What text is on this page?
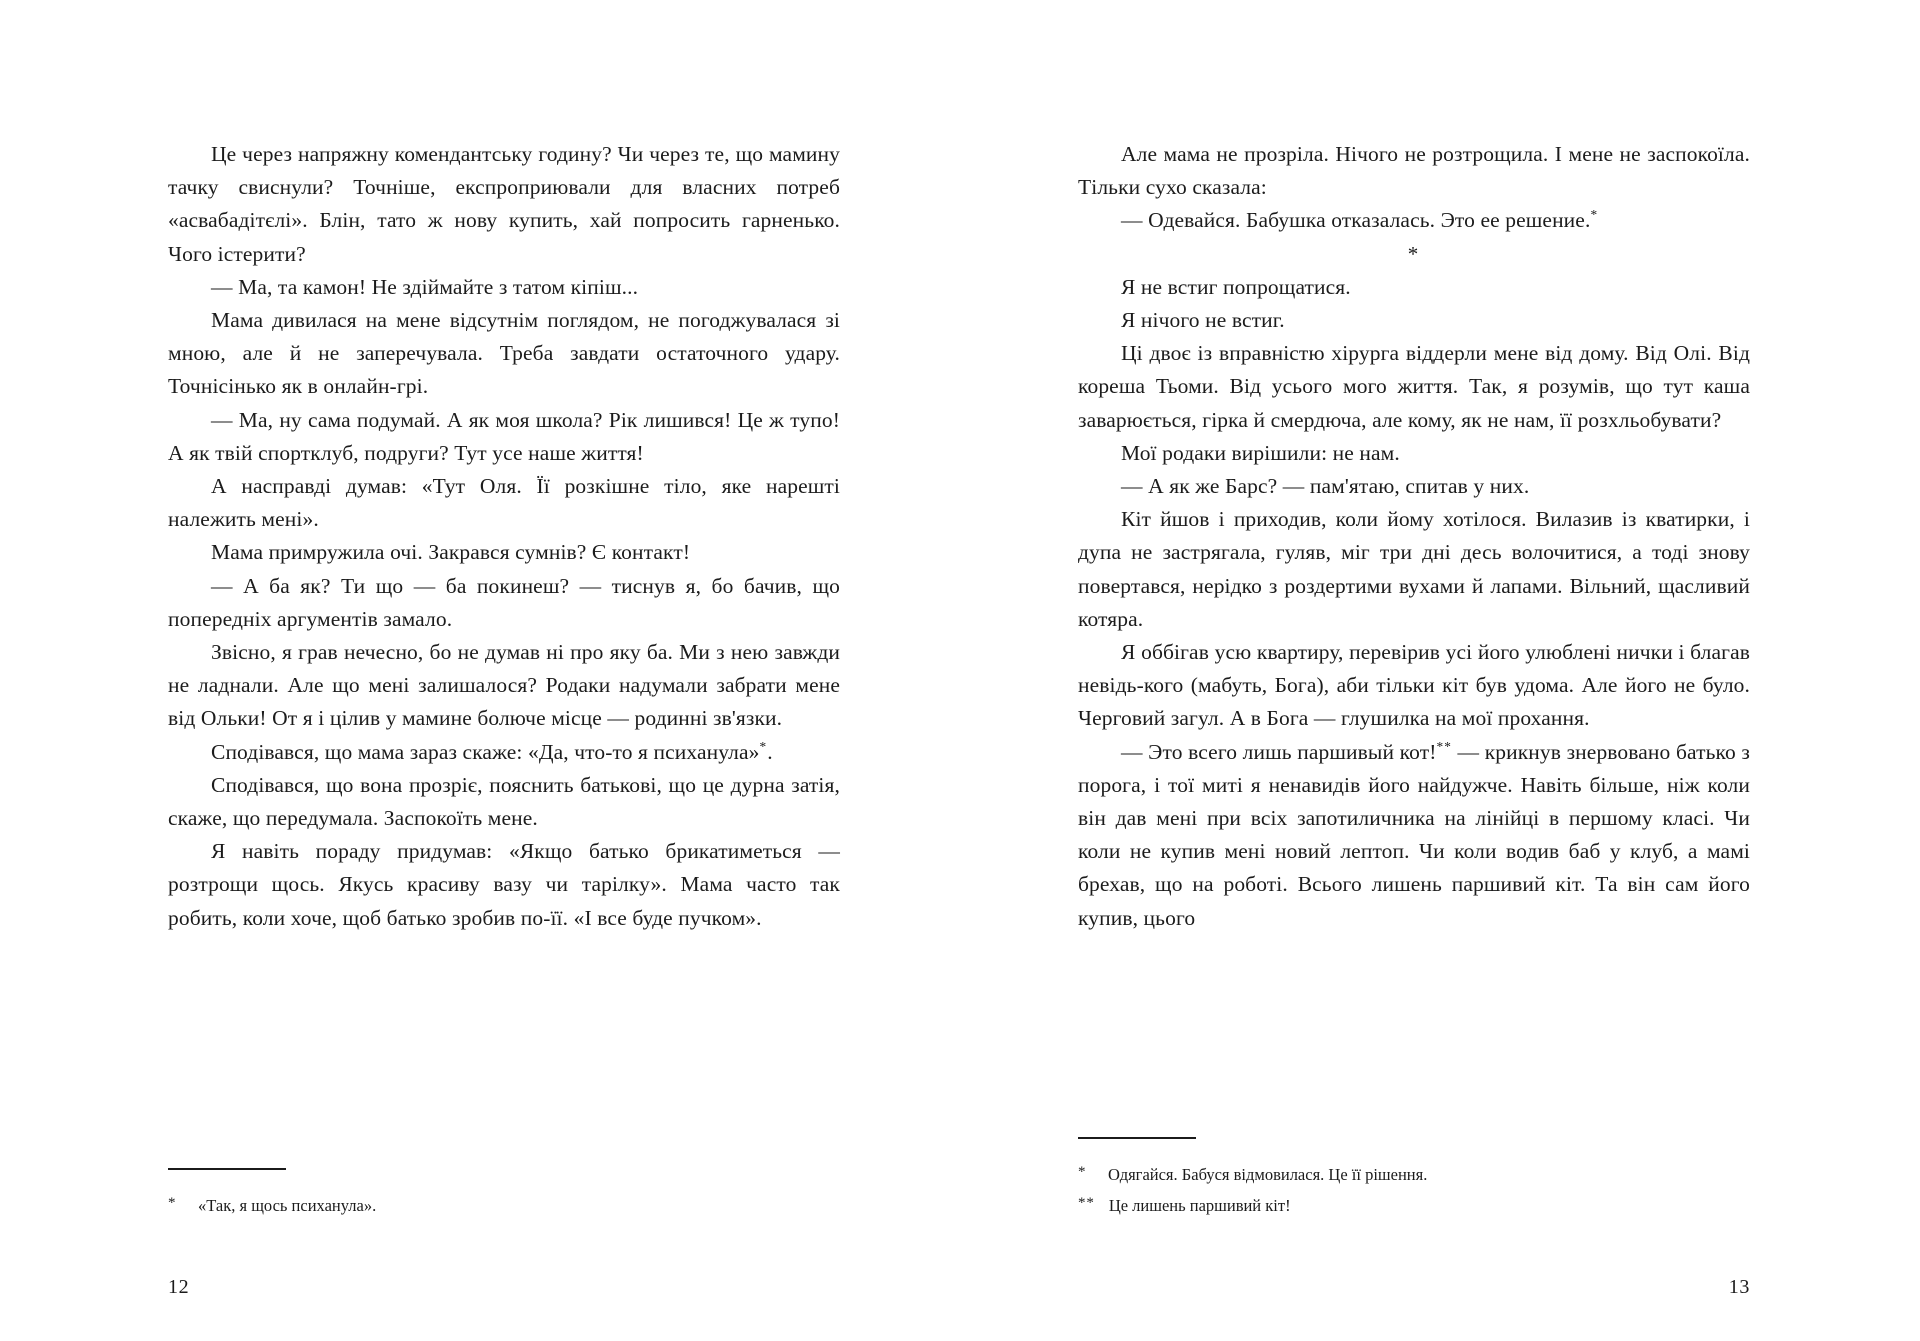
Це через напряжну комендантську годину? Чи через те, що мамину тачку свиснули? Точніше, експроприювали для власних потреб «асвабадітєлі». Блін, тато ж нову купить, хай попросить гарненько. Чого істерити?

— Ма, та камон! Не здіймайте з татом кіпіш...

Мама дивилася на мене відсутнім поглядом, не погоджувалася зі мною, але й не заперечувала. Треба завдати остаточного удару. Точнісінько як в онлайн-грі.

— Ма, ну сама подумай. А як моя школа? Рік лишився! Це ж тупо! А як твій спортклуб, подруги? Тут усе наше життя!

А насправді думав: «Тут Оля. Її розкішне тіло, яке нарешті належить мені».

Мама примружила очі. Закрався сумнів? Є контакт!

— А ба як? Ти що — ба покинеш? — тиснув я, бо бачив, що попередніх аргументів замало.

Звісно, я грав нечесно, бо не думав ні про яку ба. Ми з нею завжди не ладнали. Але що мені залишалося? Родаки надумали забрати мене від Ольки! От я і цілив у мамине болюче місце — родинні зв'язки.

Сподівався, що мама зараз скаже: «Да, что-то я психанула»*.

Сподівався, що вона прозріє, пояснить батькові, що це дурна затія, скаже, що передумала. Заспокоїть мене.

Я навіть пораду придумав: «Якщо батько брикатиметься — розтрощи щось. Якусь красиву вазу чи тарілку». Мама часто так робить, коли хоче, щоб батько зробив по-її. «І все буде пучком».

*	«Так, я щось психанула».
12

Але мама не прозріла. Нічого не розтрощила. І мене не заспокоїла. Тільки сухо сказала:

— Одевайся. Бабушка отказалась. Это ее решение.*

*

Я не встиг попрощатися.

Я нічого не встиг.

Ці двоє із вправністю хірурга віддерли мене від дому. Від Олі. Від кореша Тьоми. Від усього мого життя. Так, я розумів, що тут каша заварюється, гірка й смердюча, але кому, як не нам, її розхльобувати?

Мої родаки вирішили: не нам.

— А як же Барс? — пам'ятаю, спитав у них.

Кіт йшов і приходив, коли йому хотілося. Вилазив із кватирки, і дупа не застрягала, гуляв, міг три дні десь волочитися, а тоді знову повертався, нерідко з роздертими вухами й лапами. Вільний, щасливий котяра.

Я оббігав усю квартиру, перевірив усі його улюблені нички і благав невідь-кого (мабуть, Бога), аби тільки кіт був удома. Але його не було. Черговий загул. А в Бога — глушилка на мої прохання.

— Это всего лишь паршивый кот!** — крикнув знервовано батько з порога, і тої миті я ненавидів його найдужче. Навіть більше, ніж коли він дав мені при всіх запотиличника на лінійці в першому класі. Чи коли не купив мені новий лептоп. Чи коли водив баб у клуб, а мамі брехав, що на роботі. Всього лишень паршивий кіт. Та він сам його купив, цього

*	Одягайся. Бабуся відмовилася. Це її рішення.
** Це лишень паршивий кіт!
13
